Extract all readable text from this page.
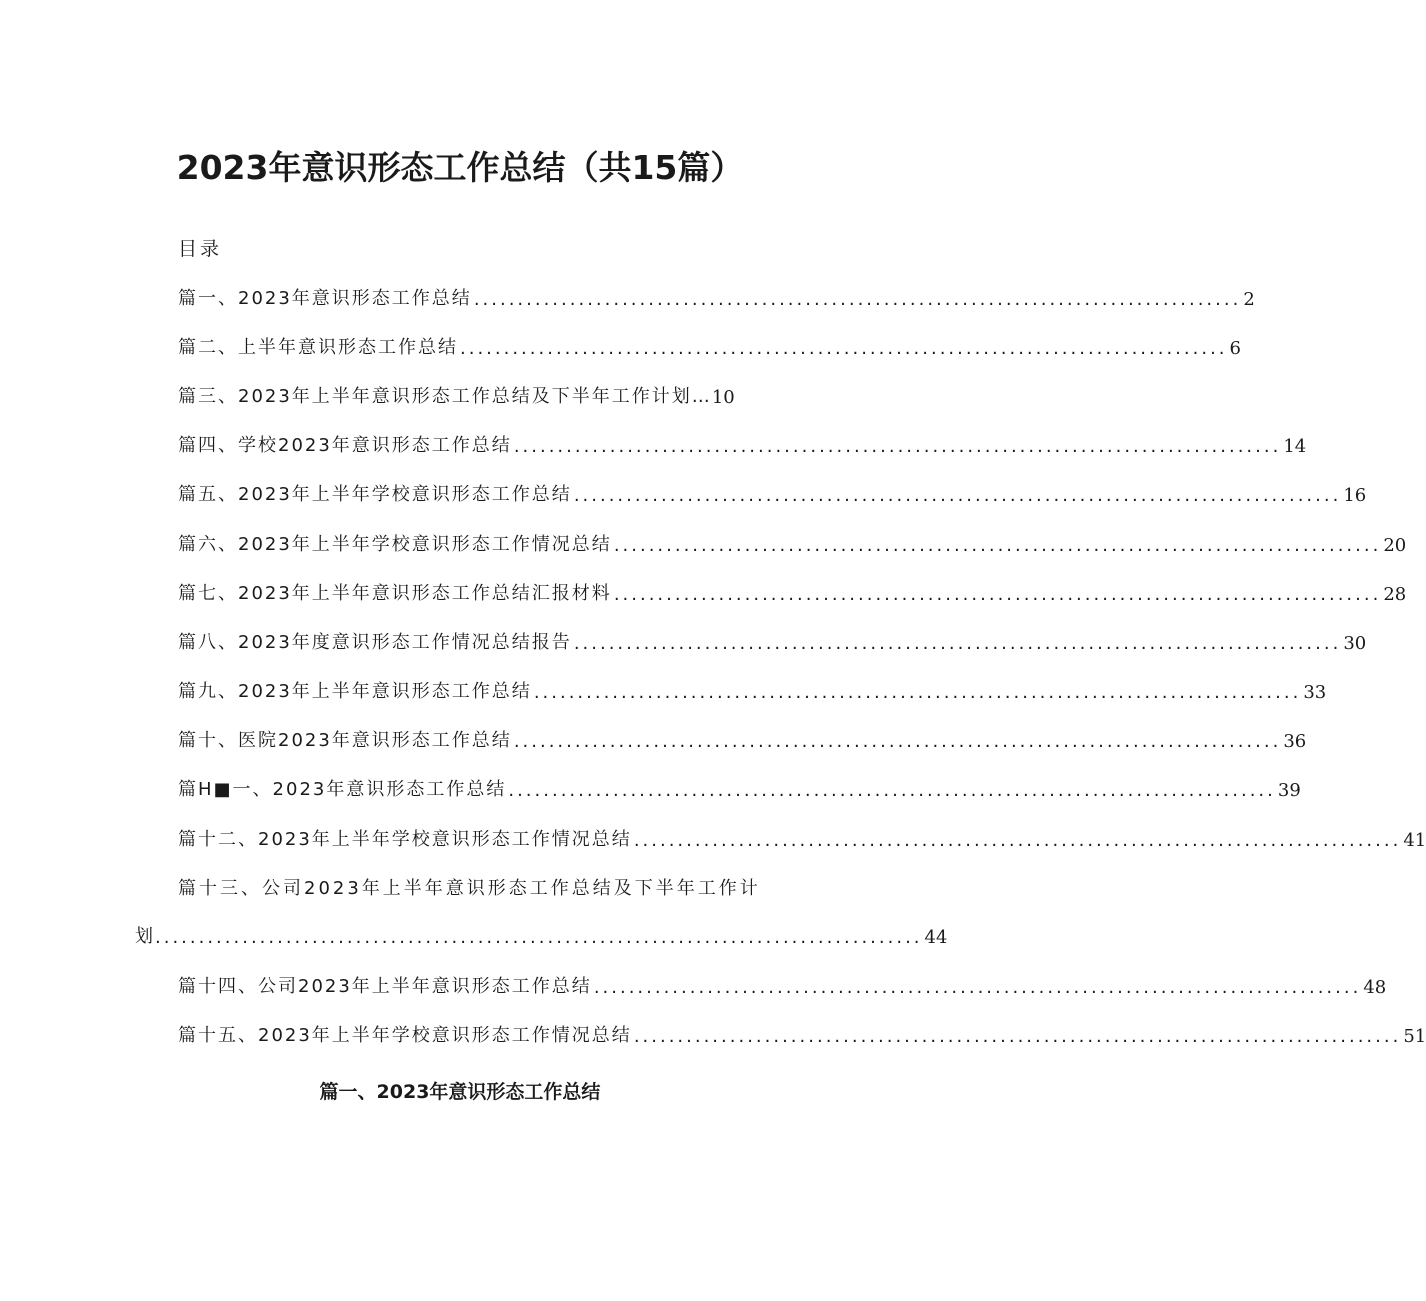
2023年意识形态工作总结（共15篇）
目录
篇一、2023年意识形态工作总结 ........................................................................................ 2
篇二、上半年意识形态工作总结 ........................................................................................ 6
篇三、2023年上半年意识形态工作总结及下半年工作计划… 10
篇四、学校2023年意识形态工作总结 ........................................................................................ 14
篇五、2023年上半年学校意识形态工作总结 ........................................................................................ 16
篇六、2023年上半年学校意识形态工作情况总结 ........................................................................................ 20
篇七、2023年上半年意识形态工作总结汇报材料 ........................................................................................ 28
篇八、2023年度意识形态工作情况总结报告 ........................................................................................ 30
篇九、2023年上半年意识形态工作总结 ........................................................................................ 33
篇十、医院2023年意识形态工作总结 ........................................................................................ 36
篇H■一、2023年意识形态工作总结 ........................................................................................ 39
篇十二、2023年上半年学校意识形态工作情况总结 ........................................................................................ 41
篇十三、公司2023年上半年意识形态工作总结及下半年工作计
划 ........................................................................................ 44
篇十四、公司2023年上半年意识形态工作总结 ........................................................................................ 48
篇十五、2023年上半年学校意识形态工作情况总结 ........................................................................................ 51
篇一、2023年意识形态工作总结
